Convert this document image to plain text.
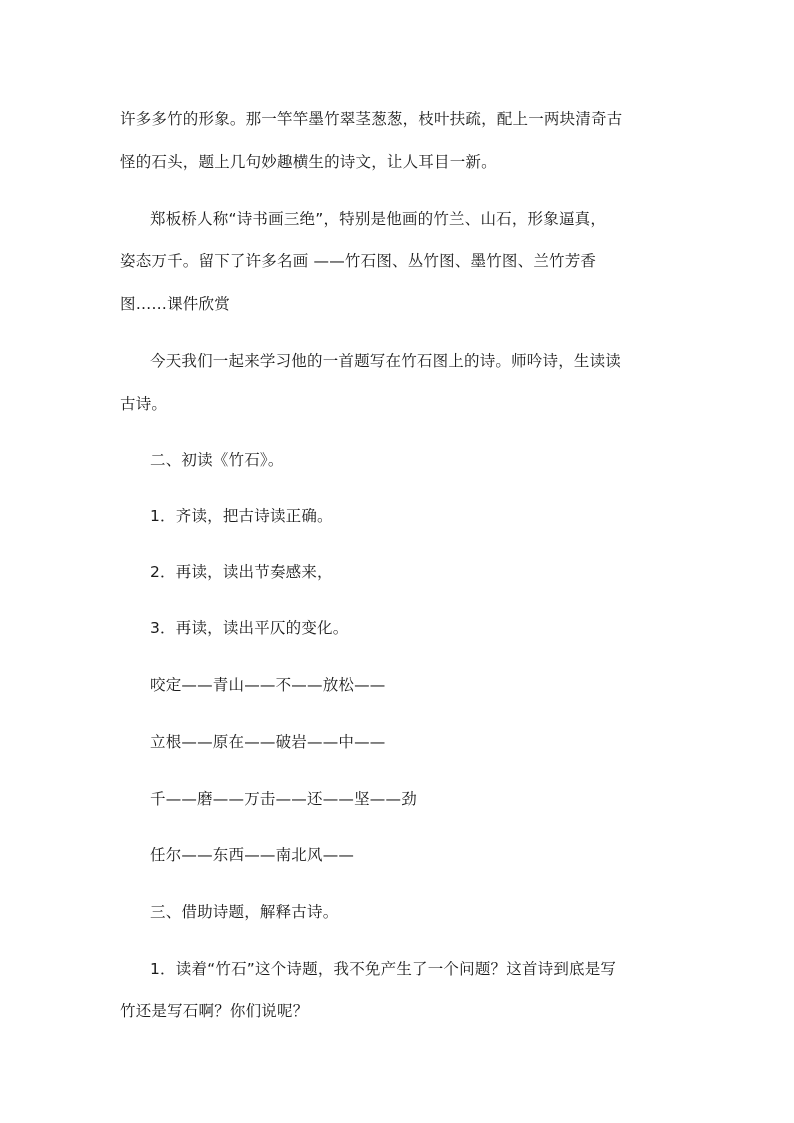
许多多竹的形象。那一竿竿墨竹翠茎葱葱，枝叶扶疏，配上一两块清奇古
怪的石头，题上几句妙趣横生的诗文，让人耳目一新。
郑板桥人称“诗书画三绝”，特别是他画的竹兰、山石，形象逼真，
姿态万千。留下了许多名画 ——竹石图、丛竹图、墨竹图、兰竹芳香
图……课件欣赏
今天我们一起来学习他的一首题写在竹石图上的诗。师吟诗，生读读
古诗。
二、初读《竹石》。
1．齐读，把古诗读正确。
2．再读，读出节奏感来，
3．再读，读出平仄的变化。
咬定——青山——不——放松——
立根——原在——破岩——中——
千——磨——万击——还——坚——劲
任尔——东西——南北风——
三、借助诗题，解释古诗。
1．读着“竹石”这个诗题，我不免产生了一个问题？这首诗到底是写
竹还是写石啊？你们说呢？
